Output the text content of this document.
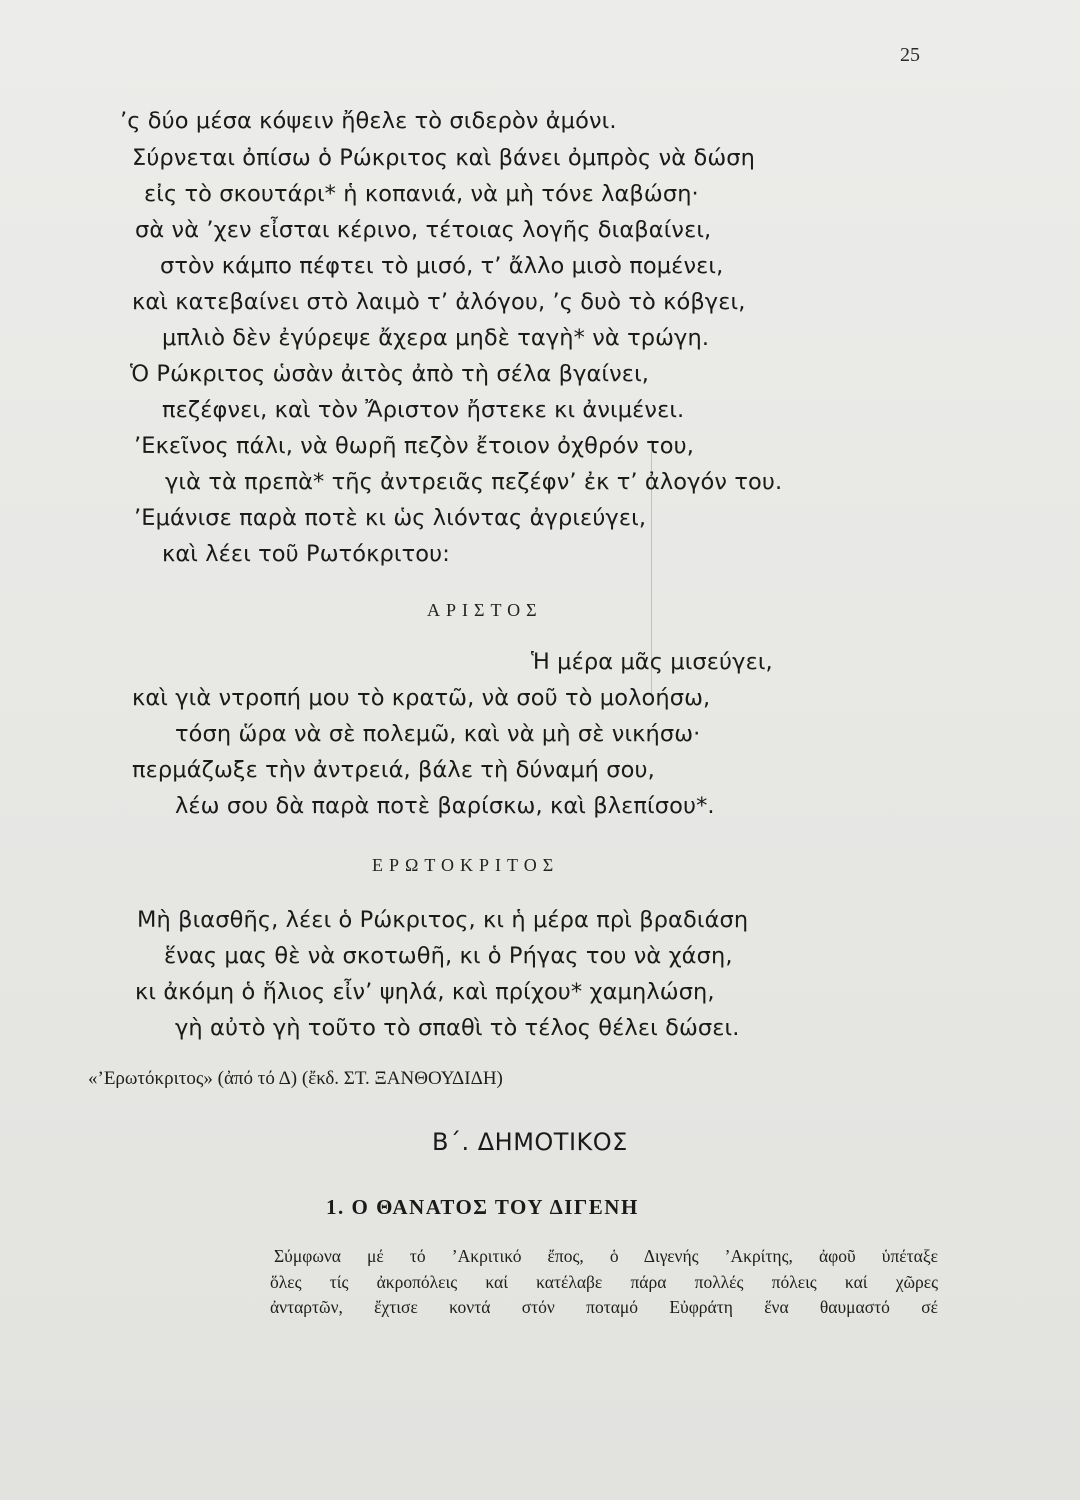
25
’ς δύο μέσα κόψειν ἤθελε τὸ σιδερὸν ἀμόνι.
Σύρνεται ὀπίσω ὁ Ρώκριτος καὶ βάνει ὀμπρὸς νὰ δώση
εἰς τὸ σκουτάρι* ἡ κοπανιά, νὰ μὴ τόνε λαβώση·
σὰ νὰ ’χεν εἶσται κέρινο, τέτοιας λογῆς διαβαίνει,
στὸν κάμπο πέφτει τὸ μισό, τ’ ἄλλο μισὸ πομένει,
καὶ κατεβαίνει στὸ λαιμὸ τ’ ἀλόγου, ’ς δυὸ τὸ κόβγει,
μπλιὸ δὲν ἐγύρεψε ἄχερα μηδὲ ταγὴ* νὰ τρώγη.
Ὁ Ρώκριτος ὡσὰν ἀιτὸς ἀπὸ τὴ σέλα βγαίνει,
πεζέφνει, καὶ τὸν Ἄριστον ἤστεκε κι ἀνιμένει.
’Εκεῖνος πάλι, νὰ θωρῆ πεζὸν ἔτοιον ὀχθρόν του,
γιὰ τὰ πρεπὰ* τῆς ἀντρειᾶς πεζέφν’ ἐκ τ’ ἀλογόν του.
’Εμάνισε παρὰ ποτὲ κι ὡς λιόντας ἀγριεύγει,
καὶ λέει τοῦ Ρωτόκριτου:
ΑΡΙΣΤΟΣ
Ἡ μέρα μᾶς μισεύγει,
καὶ γιὰ ντροπή μου τὸ κρατῶ, νὰ σοῦ τὸ μολοήσω,
τόση ὥρα νὰ σὲ πολεμῶ, καὶ νὰ μὴ σὲ νικήσω·
περμάζωξε τὴν ἀντρειά, βάλε τὴ δύναμή σου,
λέω σου δὰ παρὰ ποτὲ βαρίσκω, καὶ βλεπίσου*.
ΕΡΩΤΟΚΡΙΤΟΣ
Μὴ βιασθῆς, λέει ὁ Ρώκριτος, κι ἡ μέρα πρὶ βραδιάση
ἕνας μας θὲ νὰ σκοτωθῆ, κι ὁ Ρήγας του νὰ χάση,
κι ἀκόμη ὁ ἥλιος εἶν’ ψηλά, καὶ πρίχου* χαμηλώση,
γὴ αὐτὸ γὴ τοῦτο τὸ σπαθὶ τὸ τέλος θέλει δώσει.
«’Ερωτόκριτος» (ἀπό τό Δ) (ἔκδ. ΣΤ. ΞΑΝΘΟΥΔΙΔΗ)
Β΄. ΔΗΜΟΤΙΚΟΣ
1. Ο ΘΑΝΑΤΟΣ ΤΟΥ ΔΙΓΕΝΗ
Σύμφωνα μέ τό ’Ακριτικό ἔπος, ὁ Διγενής ’Ακρίτης, ἀφοῦ ὑπέταξε
ὅλες τίς ἀκροπόλεις καί κατέλαβε πάρα πολλές πόλεις καί χῶρες
ἀνταρτῶν, ἔχτισε κοντά στόν ποταμό Εὐφράτη ἕνα θαυμαστό σέ
